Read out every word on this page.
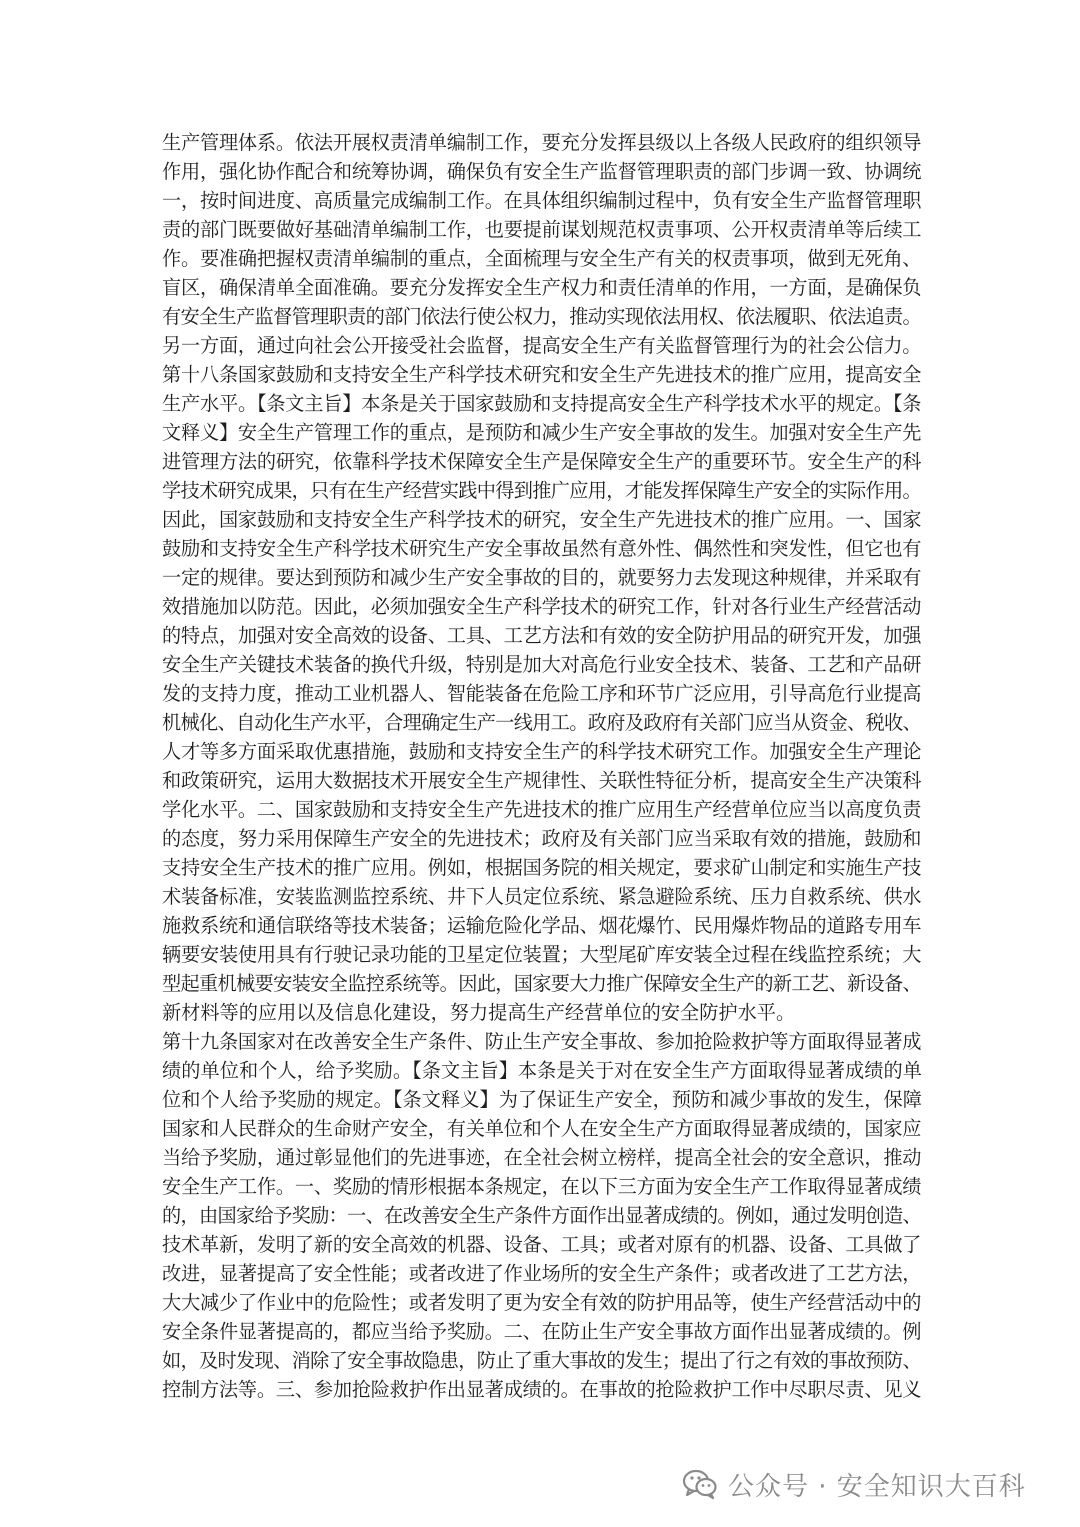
生产管理体系。依法开展权责清单编制工作，要充分发挥县级以上各级人民政府的组织领导
作用，强化协作配合和统筹协调，确保负有安全生产监督管理职责的部门步调一致、协调统
一，按时间进度、高质量完成编制工作。在具体组织编制过程中，负有安全生产监督管理职
责的部门既要做好基础清单编制工作，也要提前谋划规范权责事项、公开权责清单等后续工
作。要准确把握权责清单编制的重点，全面梳理与安全生产有关的权责事项，做到无死角、
盲区，确保清单全面准确。要充分发挥安全生产权力和责任清单的作用，一方面，是确保负
有安全生产监督管理职责的部门依法行使公权力，推动实现依法用权、依法履职、依法追责。
另一方面，通过向社会公开接受社会监督，提高安全生产有关监督管理行为的社会公信力。
第十八条国家鼓励和支持安全生产科学技术研究和安全生产先进技术的推广应用，提高安全
生产水平。【条文主旨】本条是关于国家鼓励和支持提高安全生产科学技术水平的规定。【条
文释义】安全生产管理工作的重点，是预防和减少生产安全事故的发生。加强对安全生产先
进管理方法的研究，依靠科学技术保障安全生产是保障安全生产的重要环节。安全生产的科
学技术研究成果，只有在生产经营实践中得到推广应用，才能发挥保障生产安全的实际作用。
因此，国家鼓励和支持安全生产科学技术的研究，安全生产先进技术的推广应用。一、国家
鼓励和支持安全生产科学技术研究生产安全事故虽然有意外性、偶然性和突发性，但它也有
一定的规律。要达到预防和减少生产安全事故的目的，就要努力去发现这种规律，并采取有
效措施加以防范。因此，必须加强安全生产科学技术的研究工作，针对各行业生产经营活动
的特点，加强对安全高效的设备、工具、工艺方法和有效的安全防护用品的研究开发，加强
安全生产关键技术装备的换代升级，特别是加大对高危行业安全技术、装备、工艺和产品研
发的支持力度，推动工业机器人、智能装备在危险工序和环节广泛应用，引导高危行业提高
机械化、自动化生产水平，合理确定生产一线用工。政府及政府有关部门应当从资金、税收、
人才等多方面采取优惠措施，鼓励和支持安全生产的科学技术研究工作。加强安全生产理论
和政策研究，运用大数据技术开展安全生产规律性、关联性特征分析，提高安全生产决策科
学化水平。二、国家鼓励和支持安全生产先进技术的推广应用生产经营单位应当以高度负责
的态度，努力采用保障生产安全的先进技术；政府及有关部门应当采取有效的措施，鼓励和
支持安全生产技术的推广应用。例如，根据国务院的相关规定，要求矿山制定和实施生产技
术装备标准，安装监测监控系统、井下人员定位系统、紧急避险系统、压力自救系统、供水
施救系统和通信联络等技术装备；运输危险化学品、烟花爆竹、民用爆炸物品的道路专用车
辆要安装使用具有行驶记录功能的卫星定位装置；大型尾矿库安装全过程在线监控系统；大
型起重机械要安装安全监控系统等。因此，国家要大力推广保障安全生产的新工艺、新设备、
新材料等的应用以及信息化建设，努力提高生产经营单位的安全防护水平。
第十九条国家对在改善安全生产条件、防止生产安全事故、参加抢险救护等方面取得显著成
绩的单位和个人，给予奖励。【条文主旨】本条是关于对在安全生产方面取得显著成绩的单
位和个人给予奖励的规定。【条文释义】为了保证生产安全，预防和减少事故的发生，保障
国家和人民群众的生命财产安全，有关单位和个人在安全生产方面取得显著成绩的，国家应
当给予奖励，通过彰显他们的先进事迹，在全社会树立榜样，提高全社会的安全意识，推动
安全生产工作。一、奖励的情形根据本条规定，在以下三方面为安全生产工作取得显著成绩
的，由国家给予奖励：一、在改善安全生产条件方面作出显著成绩的。例如，通过发明创造、
技术革新，发明了新的安全高效的机器、设备、工具；或者对原有的机器、设备、工具做了
改进，显著提高了安全性能；或者改进了作业场所的安全生产条件；或者改进了工艺方法，
大大减少了作业中的危险性；或者发明了更为安全有效的防护用品等，使生产经营活动中的
安全条件显著提高的，都应当给予奖励。二、在防止生产安全事故方面作出显著成绩的。例
如，及时发现、消除了安全事故隐患，防止了重大事故的发生；提出了行之有效的事故预防、
控制方法等。三、参加抢险救护作出显著成绩的。在事故的抢险救护工作中尽职尽责、见义
公众号 · 安全知识大百科
